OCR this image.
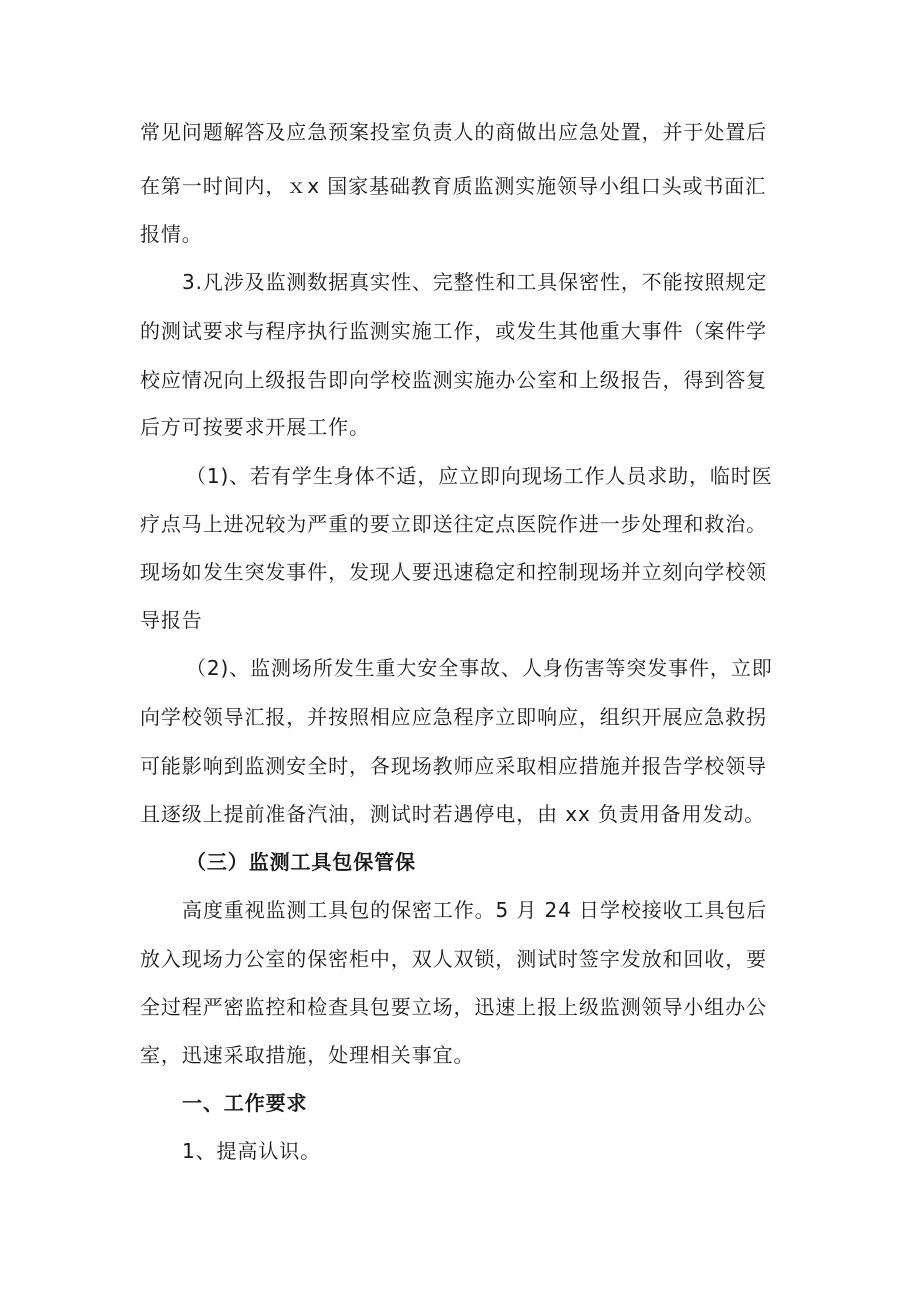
常见问题解答及应急预案投室负责人的商做出应急处置，并于处置后
在第一时间内，ｘx 国家基础教育质监测实施领导小组口头或书面汇
报情。
3.凡涉及监测数据真实性、完整性和工具保密性，不能按照规定
的测试要求与程序执行监测实施工作，或发生其他重大事件（案件学
校应情况向上级报告即向学校监测实施办公室和上级报告，得到答复
后方可按要求开展工作。
（1)、若有学生身体不适，应立即向现场工作人员求助，临时医
疗点马上进况较为严重的要立即送往定点医院作进一步处理和救治。
现场如发生突发事件，发现人要迅速稳定和控制现场并立刻向学校领
导报告
（2)、监测场所发生重大安全事故、人身伤害等突发事件，立即
向学校领导汇报，并按照相应应急程序立即响应，组织开展应急救拐
可能影响到监测安全时，各现场教师应采取相应措施并报告学校领导
且逐级上提前准备汽油，测试时若遇停电，由 xx 负责用备用发动。
（三）监测工具包保管保
高度重视监测工具包的保密工作。5 月 24 日学校接收工具包后
放入现场力公室的保密柜中，双人双锁，测试时签字发放和回收，要
全过程严密监控和检查具包要立场，迅速上报上级监测领导小组办公
室，迅速采取措施，处理相关事宜。
一、工作要求
1、提高认识。
